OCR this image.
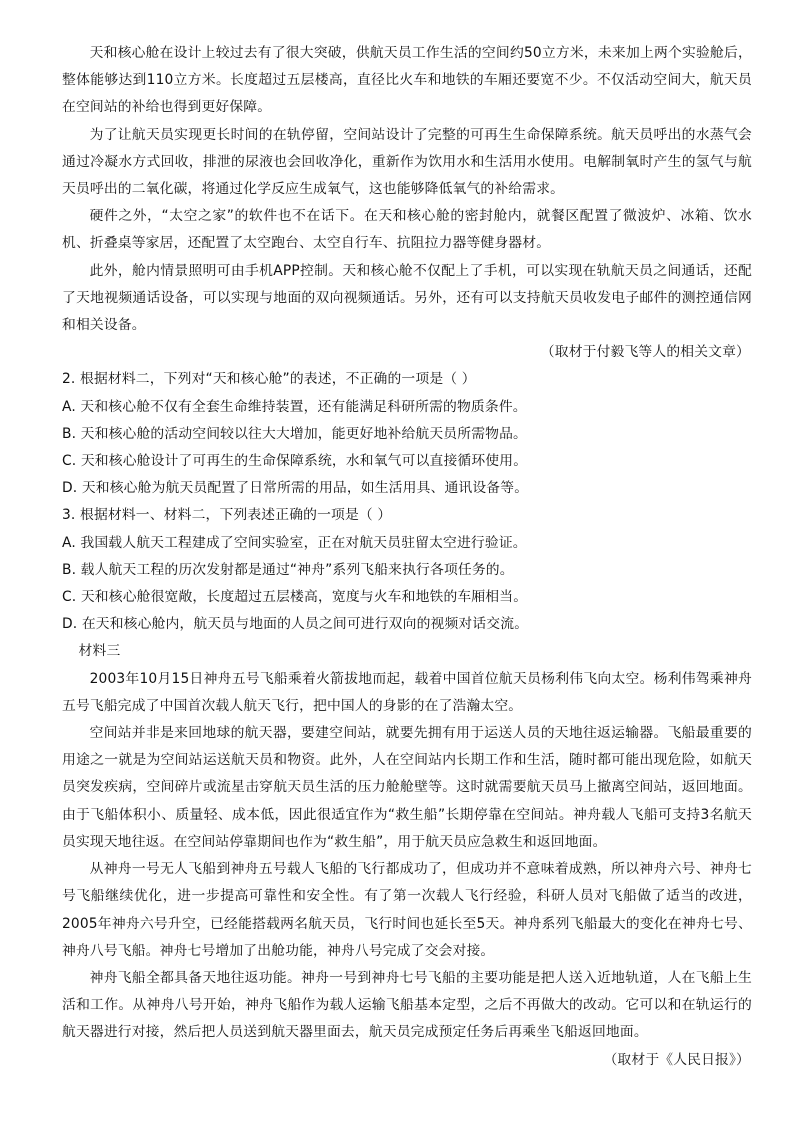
天和核心舱在设计上较过去有了很大突破，供航天员工作生活的空间约50立方米，未来加上两个实验舱后，整体能够达到110立方米。长度超过五层楼高，直径比火车和地铁的车厢还要宽不少。不仅活动空间大，航天员在空间站的补给也得到更好保障。

为了让航天员实现更长时间的在轨停留，空间站设计了完整的可再生生命保障系统。航天员呼出的水蒸气会通过冷凝水方式回收，排泄的尿液也会回收净化，重新作为饮用水和生活用水使用。电解制氧时产生的氢气与航天员呼出的二氧化碳，将通过化学反应生成氧气，这也能够降低氧气的补给需求。

硬件之外，“太空之家”的软件也不在话下。在天和核心舱的密封舱内，就餐区配置了微波炉、冰箱、饮水机、折叠桌等家居，还配置了太空跑台、太空自行车、抗阻拉力器等健身器材。

此外，舱内情景照明可由手机APP控制。天和核心舱不仅配上了手机，可以实现在轨航天员之间通话，还配了天地视频通话设备，可以实现与地面的双向视频通话。另外，还有可以支持航天员收发电子邮件的测控通信网和相关设备。

（取材于付毅飞等人的相关文章）

2. 根据材料二，下列对“天和核心舱”的表述，不正确的一项是（ ）

A. 天和核心舱不仅有全套生命维持装置，还有能满足科研所需的物质条件。

B. 天和核心舱的活动空间较以往大大增加，能更好地补给航天员所需物品。

C. 天和核心舱设计了可再生的生命保障系统，水和氧气可以直接循环使用。

D. 天和核心舱为航天员配置了日常所需的用品，如生活用具、通讯设备等。

3. 根据材料一、材料二，下列表述正确的一项是（ ）

A. 我国载人航天工程建成了空间实验室，正在对航天员驻留太空进行验证。

B. 载人航天工程的历次发射都是通过“神舟”系列飞船来执行各项任务的。

C. 天和核心舱很宽敞，长度超过五层楼高，宽度与火车和地铁的车厢相当。

D. 在天和核心舱内，航天员与地面的人员之间可进行双向的视频对话交流。

材料三

2003年10月15日神舟五号飞船乘着火箭拔地而起，载着中国首位航天员杨利伟飞向太空。杨利伟驾乘神舟五号飞船完成了中国首次载人航天飞行，把中国人的身影的在了浩瀚太空。

空间站并非是来回地球的航天器，要建空间站，就要先拥有用于运送人员的天地往返运输器。飞船最重要的用途之一就是为空间站运送航天员和物资。此外，人在空间站内长期工作和生活，随时都可能出现危险，如航天员突发疾病，空间碎片或流星击穿航天员生活的压力舱舱壁等。这时就需要航天员马上撤离空间站，返回地面。由于飞船体积小、质量轻、成本低，因此很适宜作为“救生船”长期停靠在空间站。神舟载人飞船可支持3名航天员实现天地往返。在空间站停靠期间也作为“救生船”，用于航天员应急救生和返回地面。

从神舟一号无人飞船到神舟五号载人飞船的飞行都成功了，但成功并不意味着成熟，所以神舟六号、神舟七号飞船继续优化，进一步提高可靠性和安全性。有了第一次载人飞行经验，科研人员对飞船做了适当的改进，2005年神舟六号升空，已经能搭载两名航天员，飞行时间也延长至5天。神舟系列飞船最大的变化在神舟七号、神舟八号飞船。神舟七号增加了出舱功能，神舟八号完成了交会对接。

神舟飞船全都具备天地往返功能。神舟一号到神舟七号飞船的主要功能是把人送入近地轨道，人在飞船上生活和工作。从神舟八号开始，神舟飞船作为载人运输飞船基本定型，之后不再做大的改动。它可以和在轨运行的航天器进行对接，然后把人员送到航天器里面去，航天员完成预定任务后再乘坐飞船返回地面。

（取材于《人民日报》）
